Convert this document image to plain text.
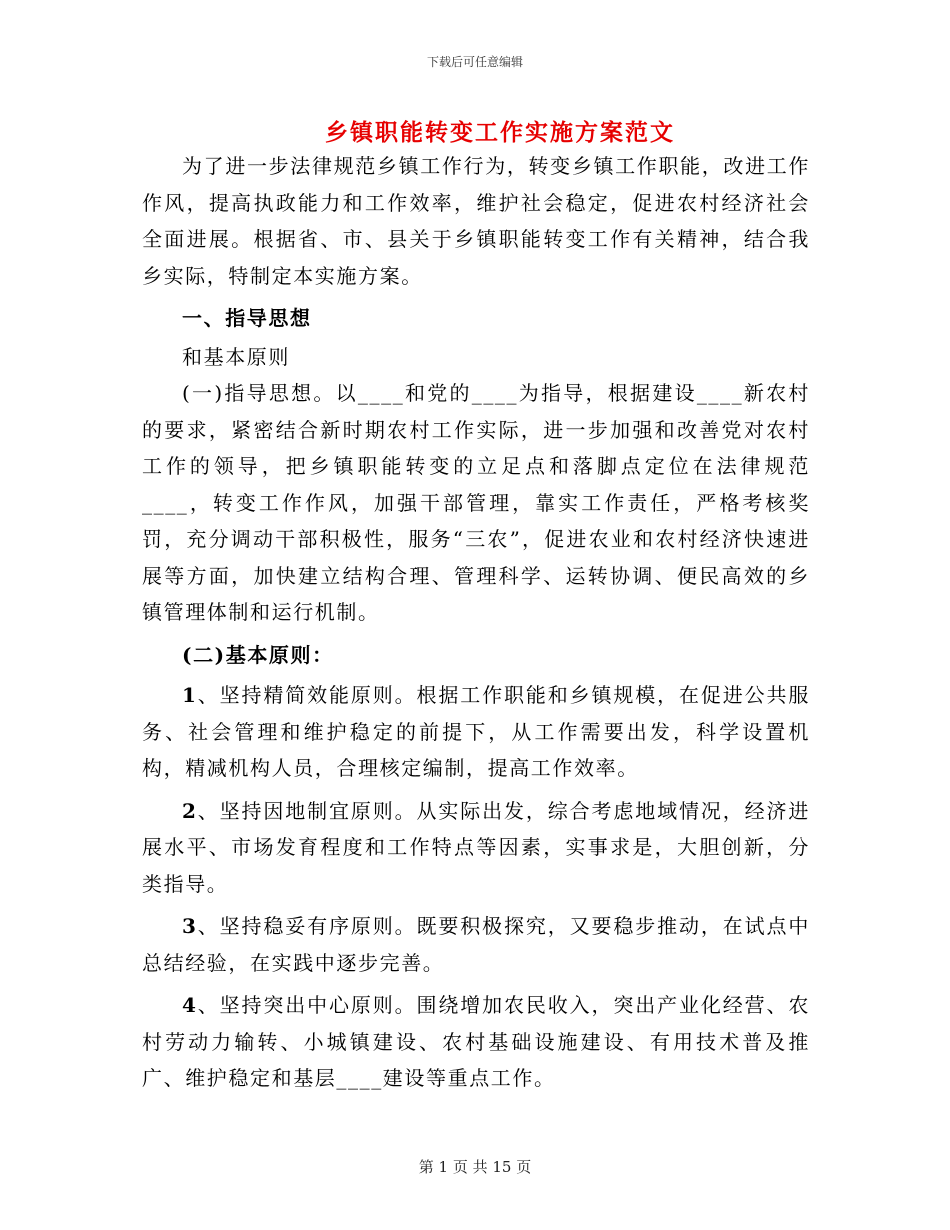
下载后可任意编辑
乡镇职能转变工作实施方案范文

为了进一步法律规范乡镇工作行为，转变乡镇工作职能，改进工作作风，提高执政能力和工作效率，维护社会稳定，促进农村经济社会全面进展。根据省、市、县关于乡镇职能转变工作有关精神，结合我乡实际，特制定本实施方案。

一、指导思想

和基本原则

(一)指导思想。以____和党的____为指导，根据建设____新农村的要求，紧密结合新时期农村工作实际，进一步加强和改善党对农村工作的领导，把乡镇职能转变的立足点和落脚点定位在法律规范____，转变工作作风，加强干部管理，靠实工作责任，严格考核奖罚，充分调动干部积极性，服务“三农”，促进农业和农村经济快速进展等方面，加快建立结构合理、管理科学、运转协调、便民高效的乡镇管理体制和运行机制。

(二)基本原则：

1、坚持精简效能原则。根据工作职能和乡镇规模，在促进公共服务、社会管理和维护稳定的前提下，从工作需要出发，科学设置机构，精减机构人员，合理核定编制，提高工作效率。

2、坚持因地制宜原则。从实际出发，综合考虑地域情况，经济进展水平、市场发育程度和工作特点等因素，实事求是，大胆创新，分类指导。

3、坚持稳妥有序原则。既要积极探究，又要稳步推动，在试点中总结经验，在实践中逐步完善。

4、坚持突出中心原则。围绕增加农民收入，突出产业化经营、农村劳动力输转、小城镇建设、农村基础设施建设、有用技术普及推广、维护稳定和基层____建设等重点工作。

第 1 页 共 15 页
